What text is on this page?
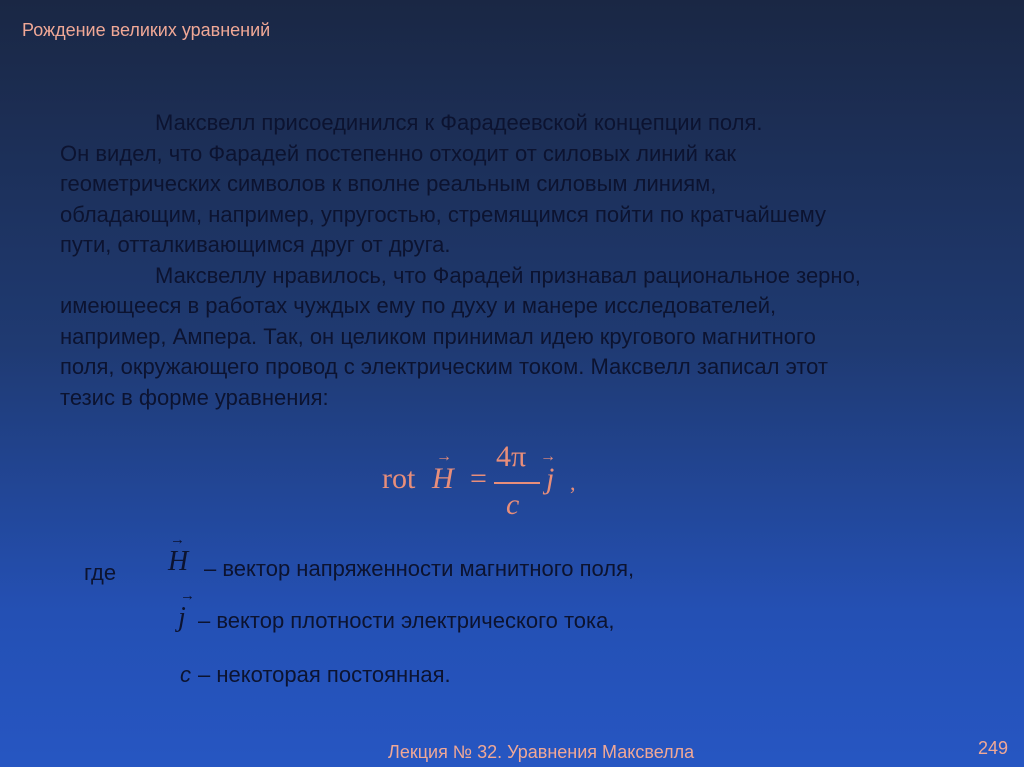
Рождение великих уравнений
Максвелл присоединился к Фарадеевской концепции поля.
Он видел, что Фарадей постепенно отходит от силовых линий как
геометрических символов к вполне реальным силовым линиям,
обладающим, например, упругостью, стремящимся пойти по кратчайшему
пути, отталкивающимся друг от друга.
Максвеллу нравилось, что Фарадей признавал рациональное зерно,
имеющееся в работах чуждых ему по духу и манере исследователей,
например, Ампера. Так, он целиком принимал идею кругового магнитного
поля, окружающего провод с электрическим током. Максвелл записал этот
тезис в форме уравнения:
rot
→
H =
4π
c
→
j ,
где
→
H – вектор напряженности магнитного поля,
→
j – вектор плотности электрического тока,
c – некоторая постоянная.
Лекция № 32. Уравнения Максвелла	249
